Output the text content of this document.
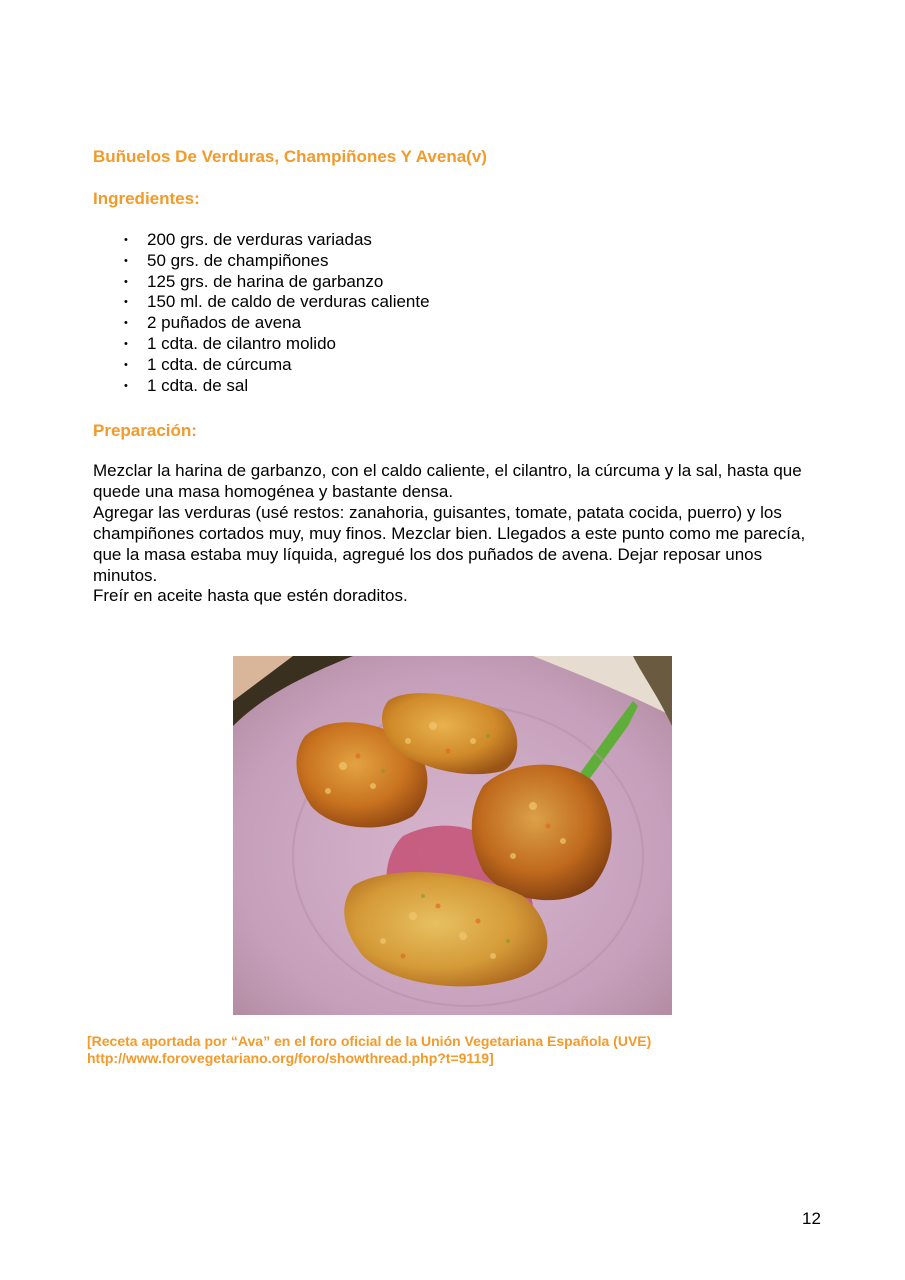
Buñuelos De Verduras, Champiñones Y Avena(v)
Ingredientes:
• 200 grs. de verduras variadas
• 50 grs. de champiñones
• 125 grs. de harina de garbanzo
• 150 ml. de caldo de verduras caliente
• 2 puñados de avena
• 1 cdta. de cilantro molido
• 1 cdta. de cúrcuma
• 1 cdta. de sal
Preparación:

Mezclar la harina de garbanzo, con el caldo caliente, el cilantro, la cúrcuma y la sal, hasta que quede una masa homogénea y bastante densa.

Agregar las verduras (usé restos: zanahoria, guisantes, tomate, patata cocida, puerro) y los champiñones cortados muy, muy finos. Mezclar bien. Llegados a este punto como me parecía, que la masa estaba muy líquida, agregué los dos puñados de avena. Dejar reposar unos minutos.

Freír en aceite hasta que estén doraditos.

[Receta aportada por “Ava” en el foro oficial de la Unión Vegetariana Española (UVE)
http://www.forovegetariano.org/foro/showthread.php?t=9119]
12
